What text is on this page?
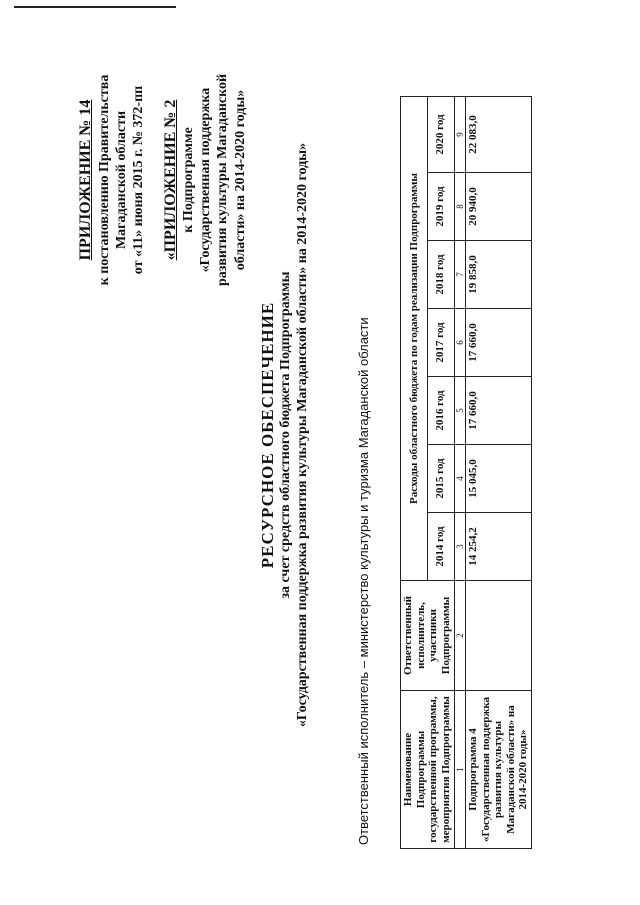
ПРИЛОЖЕНИЕ № 14 к постановлению Правительства Магаданской области от «11» июня 2015 г. № 372-пп «ПРИЛОЖЕНИЕ № 2 к Подпрограмме «Государственная поддержка развития культуры Магаданской области» на 2014-2020 годы»
РЕСУРСНОЕ ОБЕСПЕЧЕНИЕ за счет средств областного бюджета Подпрограммы «Государственная поддержка развития культуры Магаданской области» на 2014-2020 годы»	Ответственный исполнитель – министерство культуры и туризма Магаданской области	Наименование Подпрограммы государственной программы, мероприятия Подпрограммы	Ответственный исполнитель, участники Подпрограммы	Расходы областного бюджета по годам реализации Подпрограммы						
		2014 год	2015 год	2016 год	2017 год	2018 год	2019 год	2020 год
1	2	3	4	5	6	7	8	9
Подпрограмма 4 «Государственная поддержка развития культуры Магаданской области» на 2014-2020 годы»		14 254,2	15 045,0	17 660,0	17 660,0	19 858,0	20 940,0	22 083,0
